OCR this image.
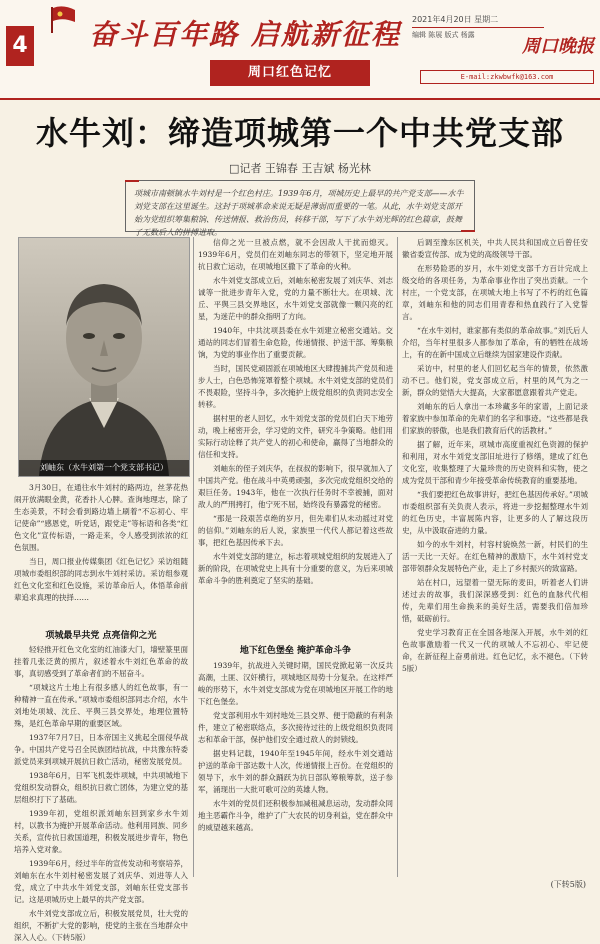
4	奋斗百年路 启航新征程
周口红色记忆
2021年4月20日 星期二
编辑 陈展 版式 杨露
周口晚报
E-mail:zkwbwfk@163.com
水牛刘：缔造项城第一个中共党支部
□记者 王锦春 王吉斌 杨光林
项城市南顿镇水牛刘村是一个红色村庄。1939年6月，项城历史上最早的共产党支部——水牛刘党支部在这里诞生。这封于项城革命来说无疑是薄弱而重要的一笔。从此，水牛刘党支部开始为党组织筹集粮饷、传送情报、救治伤员，转移干部，写下了水牛刘光辉的红色篇章，鼓舞了无数后人的拼搏进取。
刘岫东（水牛刘第一个党支部书记）

3月30日，在通往水牛刘村的路两边，丝茅花热闹开放满眼金黄，花香扑人心脾。查询地理志，除了生态美景，不时会看到路边墙上刷着“不忘初心、牢记使命”“感恩党，听党话，跟党走”等标语和各类“红色文化”宣传标语，一路走来，令人感受到浓浓的红色氛围。

当日，周口报业传媒集团《红色记忆》采访组随项城市委组织部的同志到水牛刘村采访。采访组参观红色文化室和红色设施，采访革命后人，体悟革命前辈追求真理的抉择……

项城最早共党 点亮信仰之光

轻轻推开红色文化室的红油漆大门，墙壁篆里面挂着几张泛黄的照片，叙述着水牛刘红色革命的故事，真切感受到了革命者们的不屈奋斗。

“项城这片土地上有很多感人的红色故事，有一种精神一直在传承。”项城市委组织部同志介绍，水牛刘地处项城、沈丘、平舆三县交界处，地理位置特殊，是红色革命早期的重要区域。

1937年7月7日，日本帝国主义挑起全面侵华战争。中国共产党号召全民族团结抗战，中共豫东特委派党员来到项城开展抗日救亡活动，秘密发展党员。

1938年6月，日军飞机轰炸项城，中共项城地下党组织发动群众，组织抗日救亡团体，为建立党的基层组织打下了基础。

1939年初，党组织派刘岫东回到家乡水牛刘村，以教书为掩护开展革命活动。他利用同族、同乡关系，宣传抗日救国道理，积极发展进步青年，物色培养入党对象。

1939年6月，经过半年的宣传发动和考察培养，刘岫东在水牛刘村秘密发展了刘庆华、刘进等人入党，成立了中共水牛刘党支部，刘岫东任党支部书记。这是项城历史上最早的共产党支部。

水牛刘党支部成立后，积极发展党员，壮大党的组织，不断扩大党的影响，使党的主张在当地群众中深入人心。（下转5版）

信仰之光一旦被点燃，就不会因敌人干扰而熄灭。1939年6月，党员们在刘岫东同志的带领下，坚定地开展抗日救亡运动，在项城地区撒下了革命的火种。

水牛刘党支部成立后，刘岫东秘密发展了刘庆华、刘志诚等一批进步青年入党，党的力量不断壮大。在项城、沈丘、平舆三县交界地区，水牛刘党支部就像一颗闪亮的红星，为迷茫中的群众指明了方向。

1940年，中共沈项县委在水牛刘建立秘密交通站。交通站的同志们冒着生命危险，传递情报、护送干部、筹集粮饷，为党的事业作出了重要贡献。

当时，国民党顽固派在项城地区大肆搜捕共产党员和进步人士，白色恐怖笼罩着整个项城。水牛刘党支部的党员们不畏艰险，坚持斗争，多次掩护上级党组织的负责同志安全转移。

据村里的老人回忆，水牛刘党支部的党员们白天下地劳动，晚上秘密开会，学习党的文件，研究斗争策略。他们用实际行动诠释了共产党人的初心和使命，赢得了当地群众的信任和支持。

刘岫东的侄子刘庆华，在叔叔的影响下，很早就加入了中国共产党。他在战斗中英勇顽强，多次完成党组织交给的艰巨任务。1943年，他在一次执行任务时不幸被捕，面对敌人的严刑拷打，他宁死不屈，始终没有暴露党的秘密。

“那是一段艰苦卓绝的岁月，但先辈们从未动摇过对党的信仰。”刘岫东的后人说，家族里一代代人都记着这些故事，把红色基因传承下去。

水牛刘党支部的建立，标志着项城党组织的发展进入了新的阶段，在项城党史上具有十分重要的意义，为后来项城革命斗争的胜利奠定了坚实的基础。

地下红色堡垒 掩护革命斗争

1939年，抗战进入关键时期，国民党掀起第一次反共高潮，土匪、汉奸横行，项城地区局势十分复杂。在这样严峻的形势下，水牛刘党支部成为党在项城地区开展工作的地下红色堡垒。

党支部利用水牛刘村地处三县交界、便于隐蔽的有利条件，建立了秘密联络点，多次接待过往的上级党组织负责同志和革命干部，保护他们安全通过敌人的封锁线。

据史料记载，1940年至1945年间，经水牛刘交通站护送的革命干部达数十人次，传递情报上百份。在党组织的领导下，水牛刘的群众踊跃为抗日部队筹粮筹款，送子参军，涌现出一大批可歌可泣的英雄人物。

水牛刘的党员们还积极参加减租减息运动，发动群众同地主恶霸作斗争，维护了广大农民的切身利益，党在群众中的威望越来越高。

后调至豫东区机关，中共人民共和国成立后曾任安徽省委宣传部、成为党的高级领导干部。

在形势险恶的岁月，水牛刘党支部千方百计完成上级交给的各项任务，为革命事业作出了突出贡献。一个村庄，一个党支部，在项城大地上书写了不朽的红色篇章，刘岫东和他的同志们用青春和热血践行了入党誓言。

“在水牛刘村，谁家都有类似的革命故事。”刘氏后人介绍，当年村里很多人都参加了革命，有的牺牲在战场上，有的在新中国成立后继续为国家建设作贡献。

采访中，村里的老人们回忆起当年的情景，依然激动不已。他们说，党支部成立后，村里的风气为之一新，群众的觉悟大大提高，大家都愿意跟着共产党走。

刘岫东的后人拿出一本珍藏多年的家谱，上面记录着家族中参加革命的先辈们的名字和事迹。“这些都是我们家族的骄傲，也是我们教育后代的活教材。”

据了解，近年来，项城市高度重视红色资源的保护和利用，对水牛刘党支部旧址进行了修缮，建成了红色文化室，收集整理了大量珍贵的历史资料和实物，使之成为党员干部和青少年接受革命传统教育的重要基地。

“我们要把红色故事讲好，把红色基因传承好。”项城市委组织部有关负责人表示，将进一步挖掘整理水牛刘的红色历史，丰富展陈内容，让更多的人了解这段历史，从中汲取奋进的力量。

如今的水牛刘村，村容村貌焕然一新，村民们的生活一天比一天好。在红色精神的激励下，水牛刘村党支部带领群众发展特色产业，走上了乡村振兴的致富路。

站在村口，远望着一望无际的麦田，听着老人们讲述过去的故事，我们深深感受到：红色的血脉代代相传，先辈们用生命换来的美好生活，需要我们倍加珍惜，砥砺前行。

党史学习教育正在全国各地深入开展，水牛刘的红色故事激励着一代又一代的项城人不忘初心、牢记使命，在新征程上奋勇前进。红色记忆，永不褪色。（下转5版）

(下转5版)
